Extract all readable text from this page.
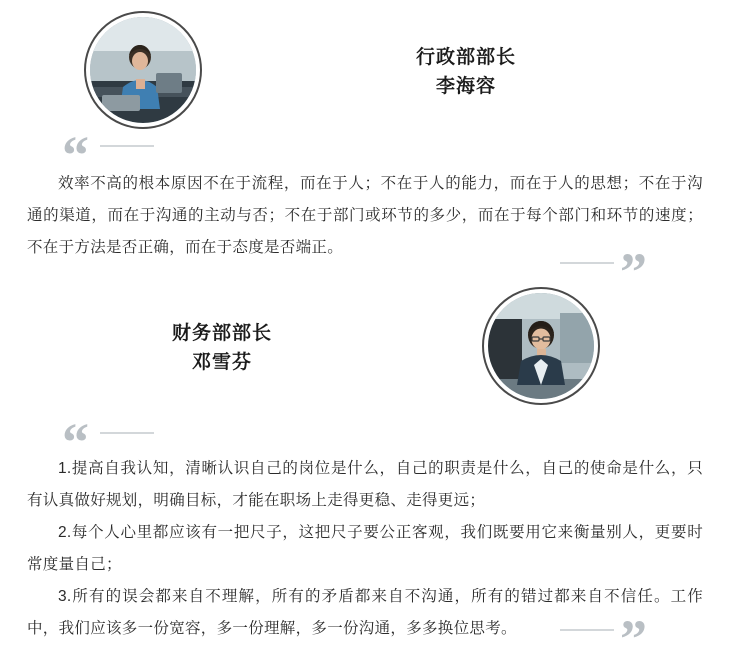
行政部部长
李海容
“

效率不高的根本原因不在于流程，而在于人；不在于人的能力，而在于人的思想；不在于沟通的渠道，而在于沟通的主动与否；不在于部门或环节的多少，而在于每个部门和环节的速度；不在于方法是否正确，而在于态度是否端正。	”
财务部部长
邓雪芬
“

1.提高自我认知，清晰认识自己的岗位是什么，自己的职责是什么，自己的使命是什么，只有认真做好规划，明确目标，才能在职场上走得更稳、走得更远；

2.每个人心里都应该有一把尺子，这把尺子要公正客观，我们既要用它来衡量别人，更要时常度量自己；

3.所有的误会都来自不理解，所有的矛盾都来自不沟通，所有的错过都来自不信任。工作中，我们应该多一份宽容，多一份理解，多一份沟通，多多换位思考。	”
